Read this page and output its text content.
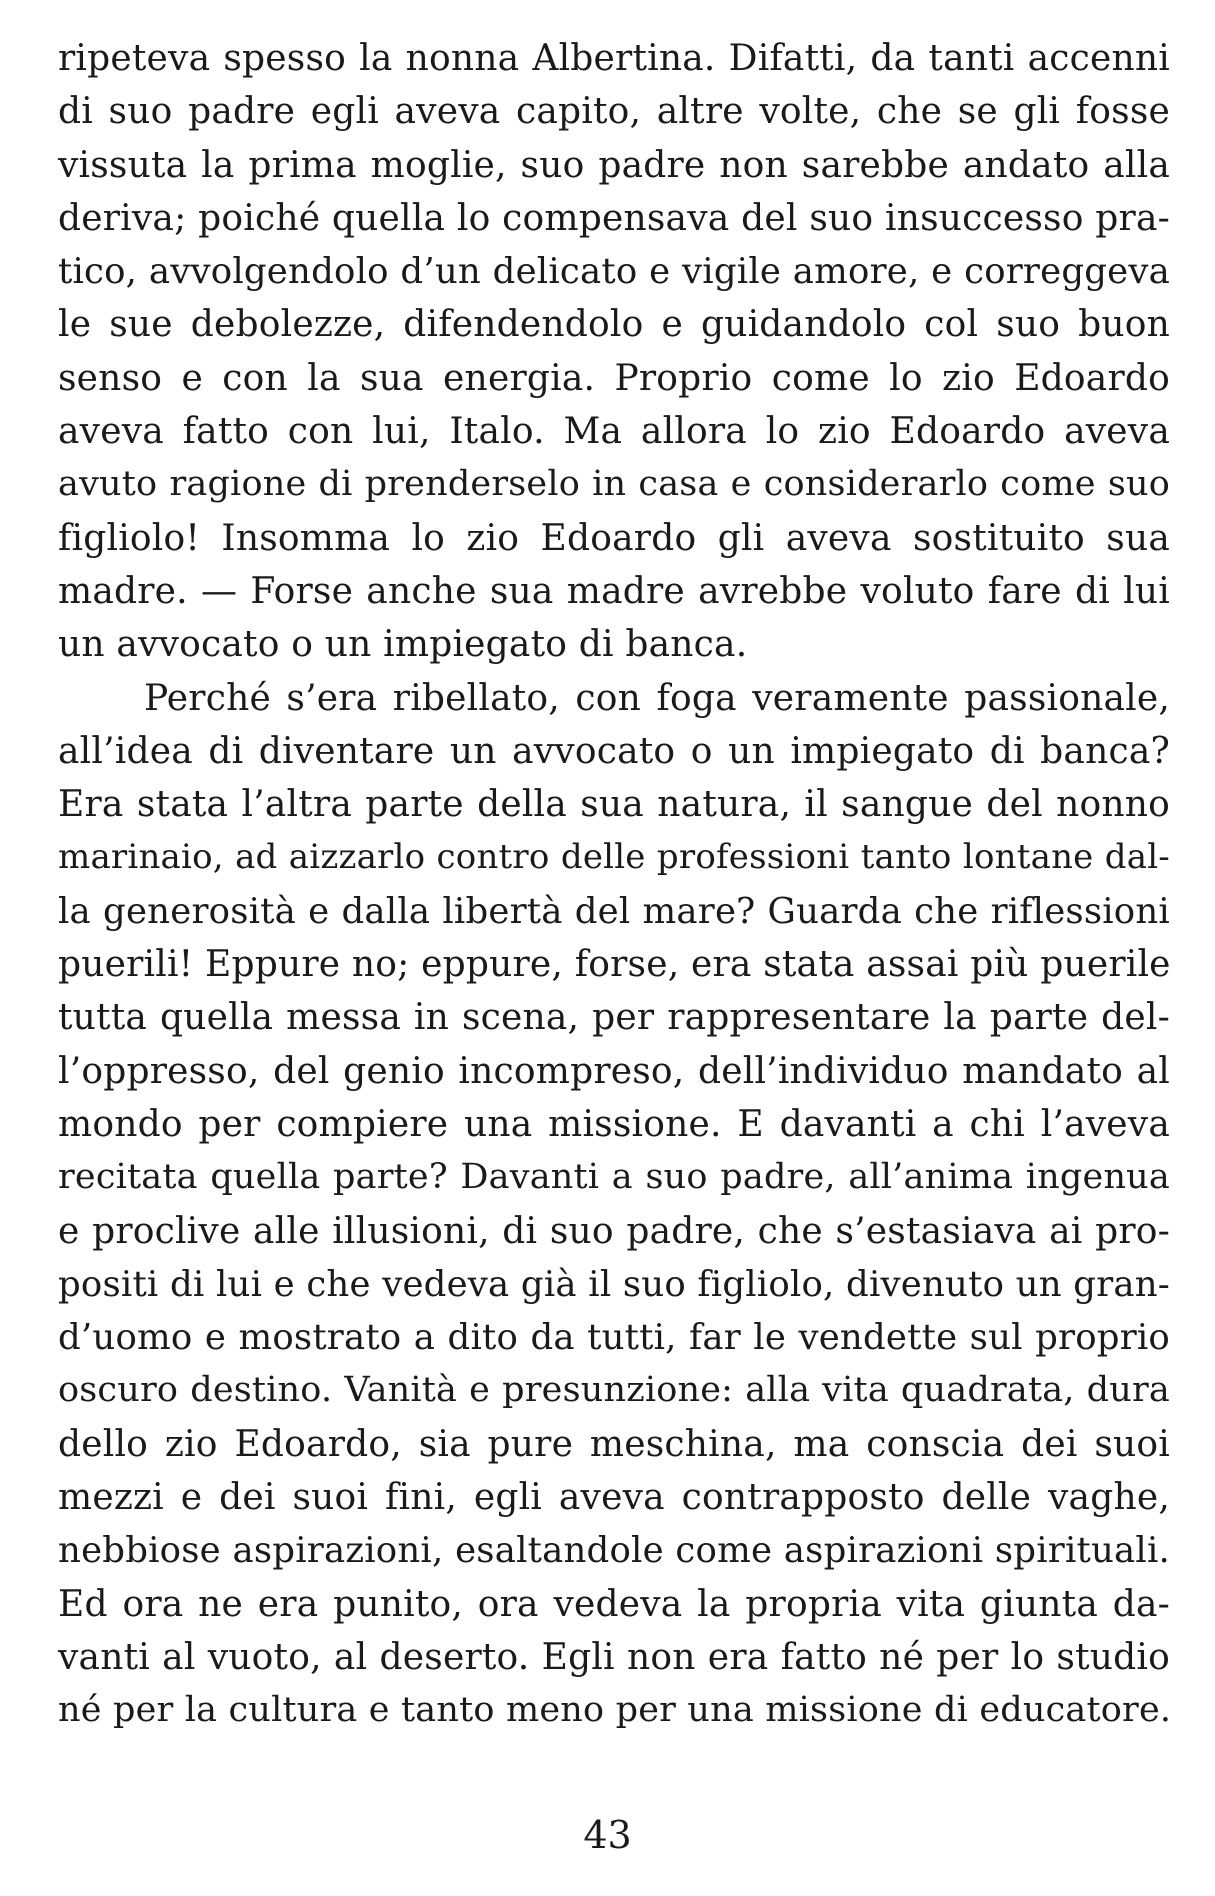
ripeteva spesso la nonna Albertina. Difatti, da tanti accenni
di suo padre egli aveva capito, altre volte, che se gli fosse
vissuta la prima moglie, suo padre non sarebbe andato alla
deriva; poiché quella lo compensava del suo insuccesso pra-
tico, avvolgendolo d’un delicato e vigile amore, e correggeva
le sue debolezze, difendendolo e guidandolo col suo buon
senso e con la sua energia. Proprio come lo zio Edoardo
aveva fatto con lui, Italo. Ma allora lo zio Edoardo aveva
avuto ragione di prenderselo in casa e considerarlo come suo
figliolo! Insomma lo zio Edoardo gli aveva sostituito sua
madre. — Forse anche sua madre avrebbe voluto fare di lui
un avvocato o un impiegato di banca.
Perché s’era ribellato, con foga veramente passionale,
all’idea di diventare un avvocato o un impiegato di banca?
Era stata l’altra parte della sua natura, il sangue del nonno
marinaio, ad aizzarlo contro delle professioni tanto lontane dal-
la generosità e dalla libertà del mare? Guarda che riflessioni
puerili! Eppure no; eppure, forse, era stata assai più puerile
tutta quella messa in scena, per rappresentare la parte del-
l’oppresso, del genio incompreso, dell’individuo mandato al
mondo per compiere una missione. E davanti a chi l’aveva
recitata quella parte? Davanti a suo padre, all’anima ingenua
e proclive alle illusioni, di suo padre, che s’estasiava ai pro-
positi di lui e che vedeva già il suo figliolo, divenuto un gran-
d’uomo e mostrato a dito da tutti, far le vendette sul proprio
oscuro destino. Vanità e presunzione: alla vita quadrata, dura
dello zio Edoardo, sia pure meschina, ma conscia dei suoi
mezzi e dei suoi fini, egli aveva contrapposto delle vaghe,
nebbiose aspirazioni, esaltandole come aspirazioni spirituali.
Ed ora ne era punito, ora vedeva la propria vita giunta da-
vanti al vuoto, al deserto. Egli non era fatto né per lo studio
né per la cultura e tanto meno per una missione di educatore.
43
